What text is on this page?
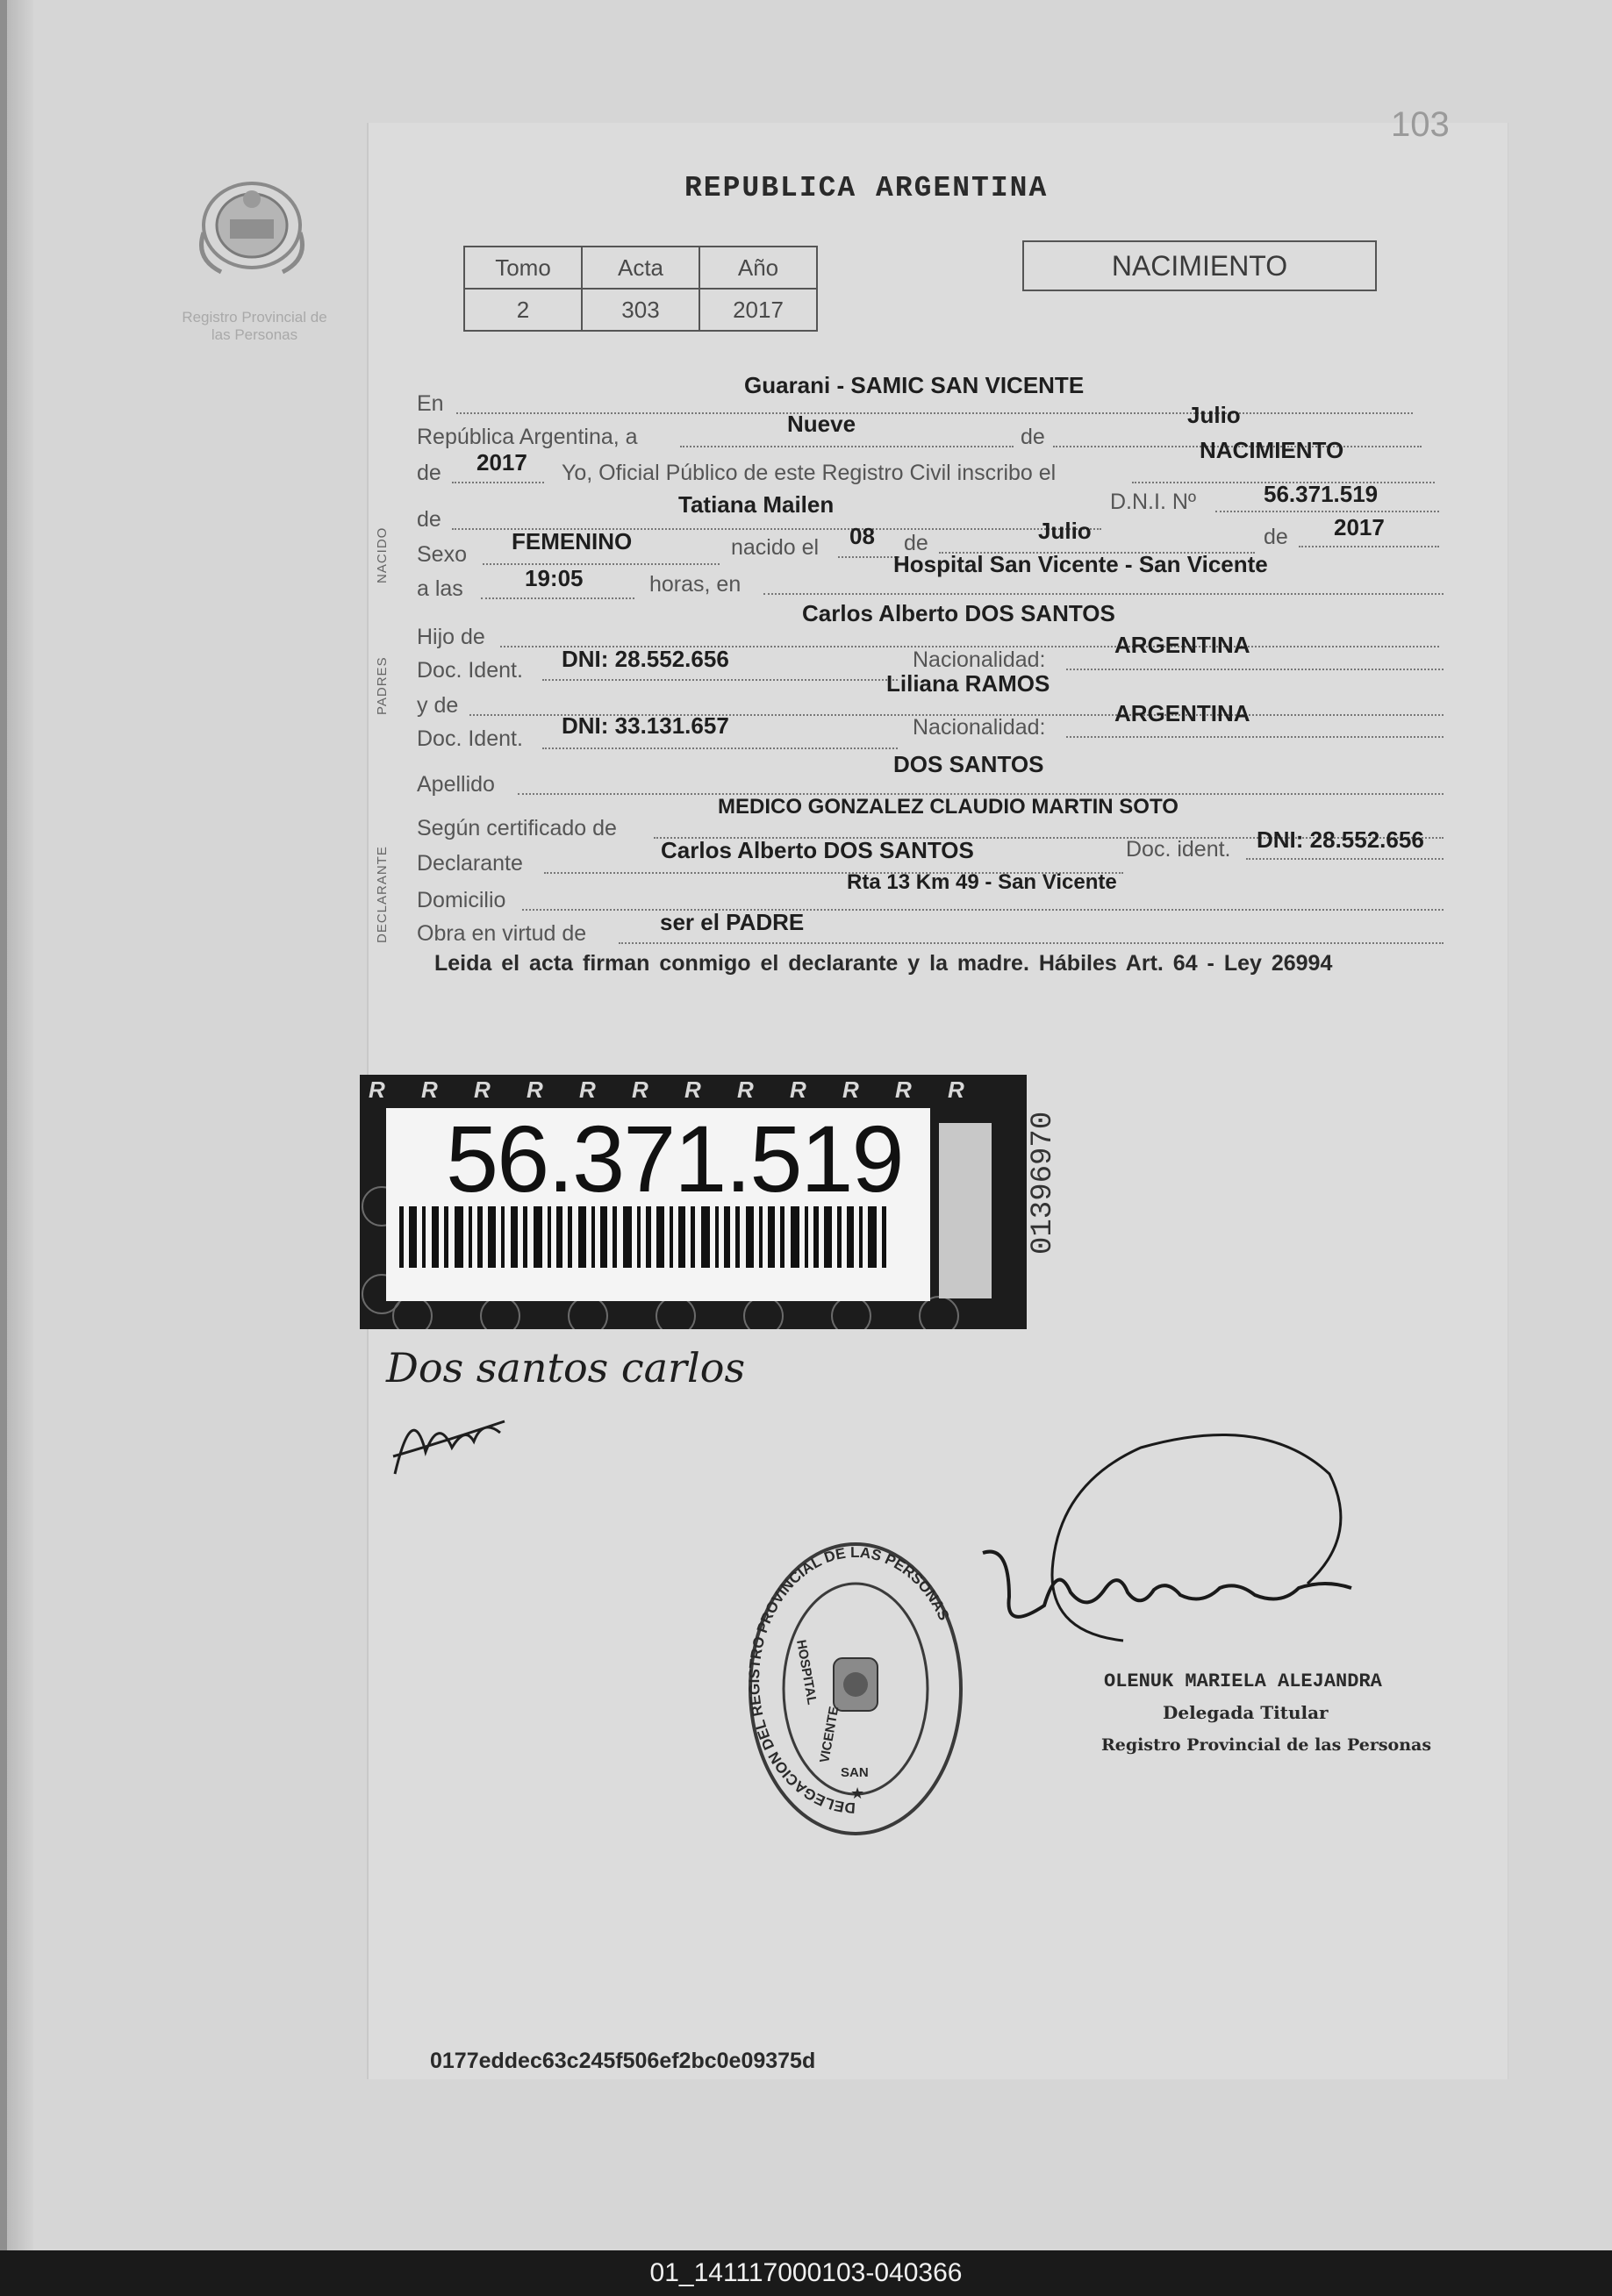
103
Registro Provincial de las Personas
REPUBLICA ARGENTINA
Tomo	Acta	Año
2	303	2017
NACIMIENTO
En
Guarani - SAMIC SAN VICENTE
República Argentina, a	Nueve	de
Julio
de 2017 Yo, Oficial Público de este Registro Civil inscribo el
NACIMIENTO
de
Tatiana Mailen	D.N.I. Nº	56.371.519
Sexo FEMENINO	nacido el 08 de	Julio	de 2017
a las	19:05	horas, en
Hospital San Vicente - San Vicente
Hijo de
Carlos Alberto DOS SANTOS
Doc. Ident. DNI: 28.552.656	Nacionalidad:
ARGENTINA
y de
Liliana RAMOS
Doc. Ident. DNI: 33.131.657	Nacionalidad:
ARGENTINA
Apellido
DOS SANTOS
Según certificado de
MEDICO GONZALEZ CLAUDIO MARTIN SOTO
Declarante	Carlos Alberto DOS SANTOS	Doc. ident. DNI: 28.552.656
Domicilio
Rta 13 Km 49 - San Vicente
Obra en virtud de	ser el PADRE
NACIDO
PADRES
DECLARANTE
Leida el acta firman conmigo el declarante y la madre. Hábiles Art. 64 - Ley 26994
R R R R R R R R R R R R
56.371.519	01396970
Dos santos carlos
DELEGACION DEL REGISTRO PROVINCIAL DE LAS PERSONAS
HOSPITAL
VICENTE
SAN
★
OLENUK MARIELA ALEJANDRA
Delegada Titular
Registro Provincial de las Personas
0177eddec63c245f506ef2bc0e09375d
01_141117000103-040366
